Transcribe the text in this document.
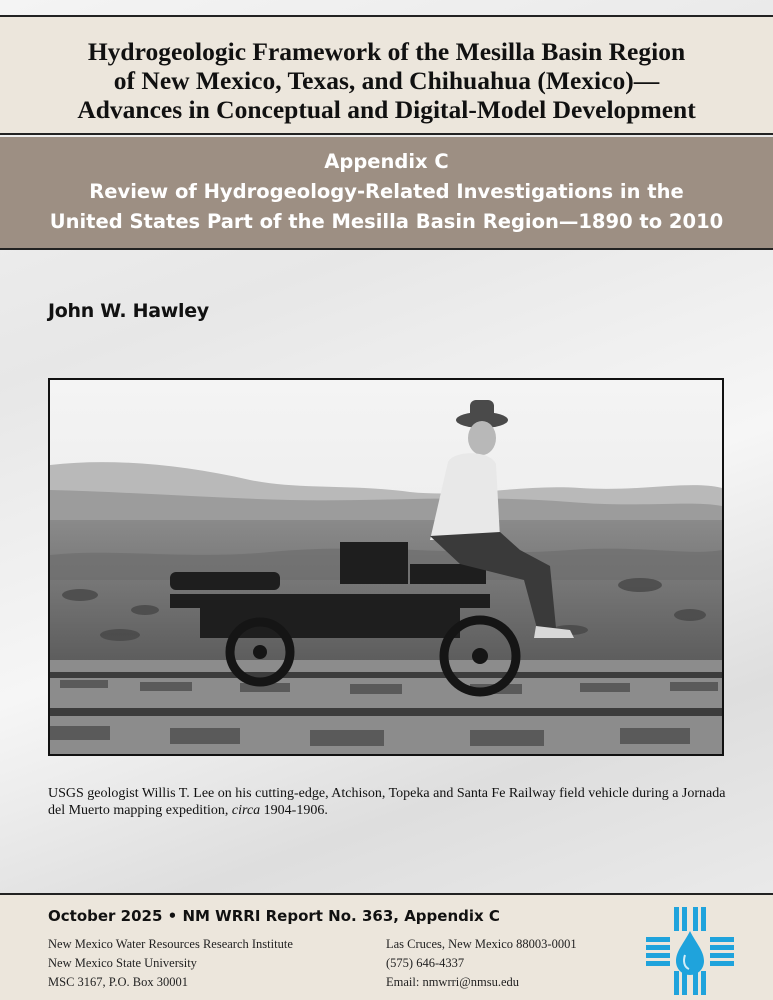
Hydrogeologic Framework of the Mesilla Basin Region
of New Mexico, Texas, and Chihuahua (Mexico)—
Advances in Conceptual and Digital-Model Development
Appendix C
Review of Hydrogeology-Related Investigations in the
United States Part of the Mesilla Basin Region—1890 to 2010
John W. Hawley

USGS geologist Willis T. Lee on his cutting-edge, Atchison, Topeka and Santa Fe Railway field vehicle during a Jornada del Muerto mapping expedition, circa 1904-1906.

October 2025 • NM WRRI Report No. 363, Appendix C
New Mexico Water Resources Research Institute
New Mexico State University
MSC 3167, P.O. Box 30001
Las Cruces, New Mexico 88003-0001
(575) 646-4337
Email: nmwrri@nmsu.edu
